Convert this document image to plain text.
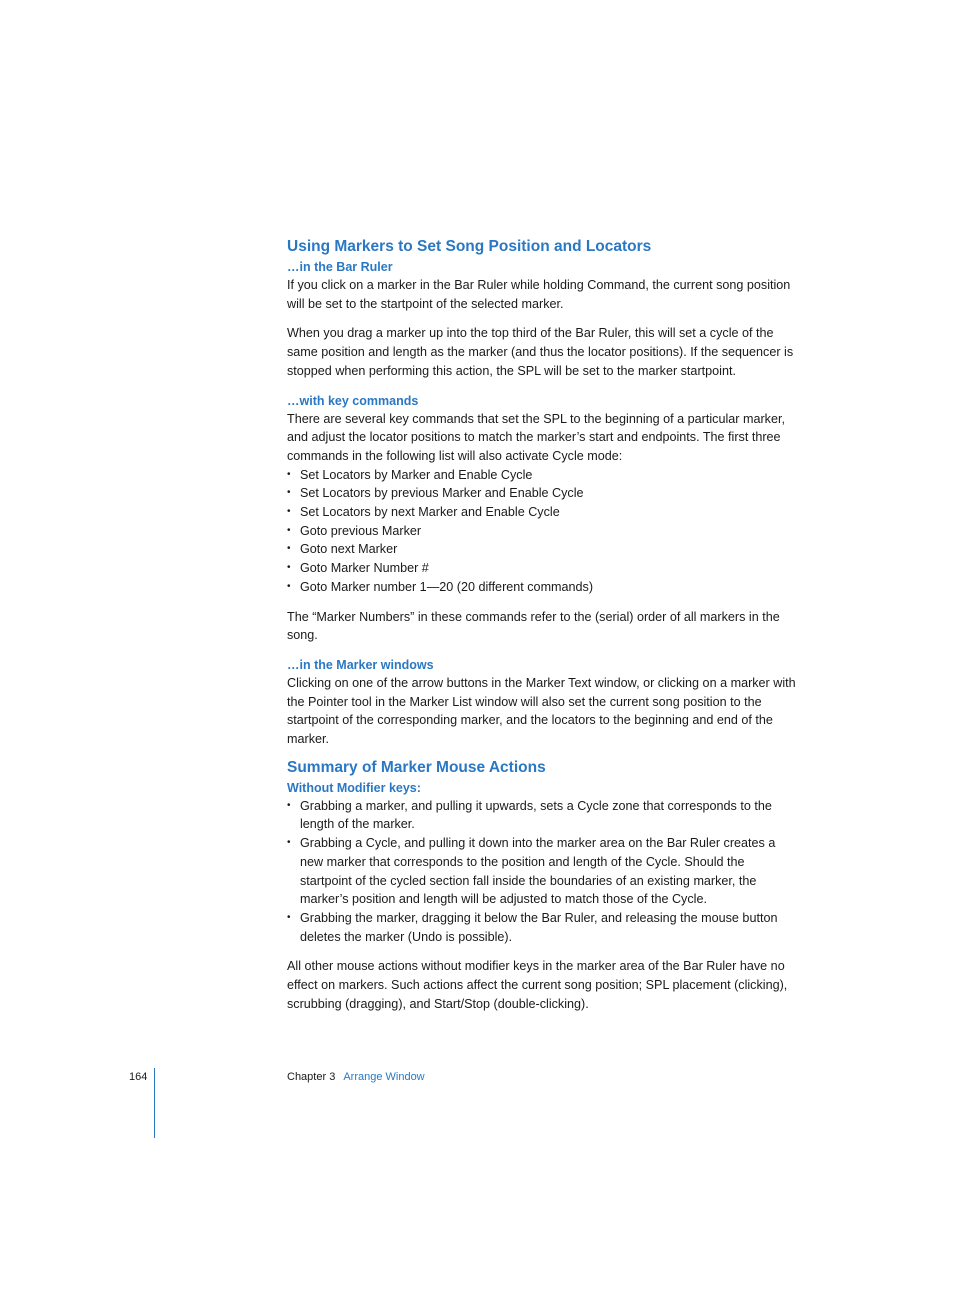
Using Markers to Set Song Position and Locators
…in the Bar Ruler

If you click on a marker in the Bar Ruler while holding Command, the current song position will be set to the startpoint of the selected marker.

When you drag a marker up into the top third of the Bar Ruler, this will set a cycle of the same position and length as the marker (and thus the locator positions). If the sequencer is stopped when performing this action, the SPL will be set to the marker startpoint.

…with key commands

There are several key commands that set the SPL to the beginning of a particular marker, and adjust the locator positions to match the marker’s start and endpoints. The first three commands in the following list will also activate Cycle mode:

• Set Locators by Marker and Enable Cycle
• Set Locators by previous Marker and Enable Cycle
• Set Locators by next Marker and Enable Cycle
• Goto previous Marker
• Goto next Marker
• Goto Marker Number #
• Goto Marker number 1—20 (20 different commands)

The “Marker Numbers” in these commands refer to the (serial) order of all markers in the song.

…in the Marker windows

Clicking on one of the arrow buttons in the Marker Text window, or clicking on a marker with the Pointer tool in the Marker List window will also set the current song position to the startpoint of the corresponding marker, and the locators to the beginning and end of the marker.

Summary of Marker Mouse Actions
Without Modifier keys:
• Grabbing a marker, and pulling it upwards, sets a Cycle zone that corresponds to the length of the marker.
• Grabbing a Cycle, and pulling it down into the marker area on the Bar Ruler creates a new marker that corresponds to the position and length of the Cycle. Should the startpoint of the cycled section fall inside the boundaries of an existing marker, the marker’s position and length will be adjusted to match those of the Cycle.
• Grabbing the marker, dragging it below the Bar Ruler, and releasing the mouse button deletes the marker (Undo is possible).

All other mouse actions without modifier keys in the marker area of the Bar Ruler have no effect on markers. Such actions affect the current song position; SPL placement (clicking), scrubbing (dragging), and Start/Stop (double-clicking).

164	Chapter 3 Arrange Window
